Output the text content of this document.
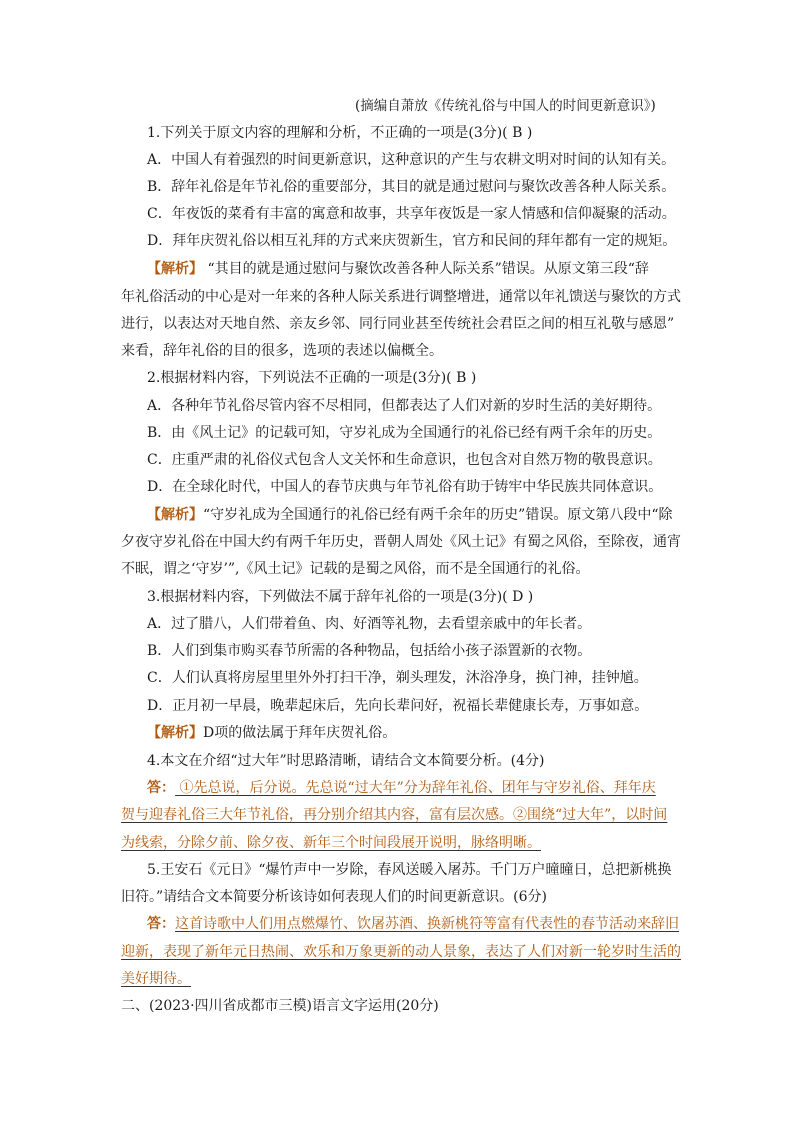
(摘编自萧放《传统礼俗与中国人的时间更新意识》)
1.下列关于原文内容的理解和分析，不正确的一项是(3分)( B )
A．中国人有着强烈的时间更新意识，这种意识的产生与农耕文明对时间的认知有关。
B．辞年礼俗是年节礼俗的重要部分，其目的就是通过慰问与聚饮改善各种人际关系。
C．年夜饭的菜肴有丰富的寓意和故事，共享年夜饭是一家人情感和信仰凝聚的活动。
D．拜年庆贺礼俗以相互礼拜的方式来庆贺新生，官方和民间的拜年都有一定的规矩。
【解析】 “其目的就是通过慰问与聚饮改善各种人际关系”错误。从原文第三段“辞
年礼俗活动的中心是对一年来的各种人际关系进行调整增进，通常以年礼馈送与聚饮的方式
进行，以表达对天地自然、亲友乡邻、同行同业甚至传统社会君臣之间的相互礼敬与感恩”
来看，辞年礼俗的目的很多，选项的表述以偏概全。
2.根据材料内容，下列说法不正确的一项是(3分)( B )
A．各种年节礼俗尽管内容不尽相同，但都表达了人们对新的岁时生活的美好期待。
B．由《风土记》的记载可知，守岁礼成为全国通行的礼俗已经有两千余年的历史。
C．庄重严肃的礼俗仪式包含人文关怀和生命意识，也包含对自然万物的敬畏意识。
D．在全球化时代，中国人的春节庆典与年节礼俗有助于铸牢中华民族共同体意识。
【解析】“守岁礼成为全国通行的礼俗已经有两千余年的历史”错误。原文第八段中“除
夕夜守岁礼俗在中国大约有两千年历史，晋朝人周处《风土记》有蜀之风俗，至除夜，通宵
不眠，谓之‘守岁’”,《风土记》记载的是蜀之风俗，而不是全国通行的礼俗。
3.根据材料内容，下列做法不属于辞年礼俗的一项是(3分)( D )
A．过了腊八，人们带着鱼、肉、好酒等礼物，去看望亲戚中的年长者。
B．人们到集市购买春节所需的各种物品，包括给小孩子添置新的衣物。
C．人们认真将房屋里里外外打扫干净，剃头理发，沐浴净身，换门神，挂钟馗。
D．正月初一早晨，晚辈起床后，先向长辈问好，祝福长辈健康长寿，万事如意。
【解析】D项的做法属于拜年庆贺礼俗。
4.本文在介绍“过大年”时思路清晰，请结合文本简要分析。(4分)
答： ①先总说，后分说。先总说“过大年”分为辞年礼俗、团年与守岁礼俗、拜年庆
贺与迎春礼俗三大年节礼俗，再分别介绍其内容，富有层次感。②围绕“过大年”，以时间
为线索，分除夕前、除夕夜、新年三个时间段展开说明，脉络明晰。
5.王安石《元日》“爆竹声中一岁除，春风送暖入屠苏。千门万户曈曈日，总把新桃换
旧符。”请结合文本简要分析该诗如何表现人们的时间更新意识。(6分)
答：这首诗歌中人们用点燃爆竹、饮屠苏酒、换新桃符等富有代表性的春节活动来辞旧
迎新，表现了新年元日热闹、欢乐和万象更新的动人景象，表达了人们对新一轮岁时生活的
美好期待。
二、(2023·四川省成都市三模)语言文字运用(20分)
